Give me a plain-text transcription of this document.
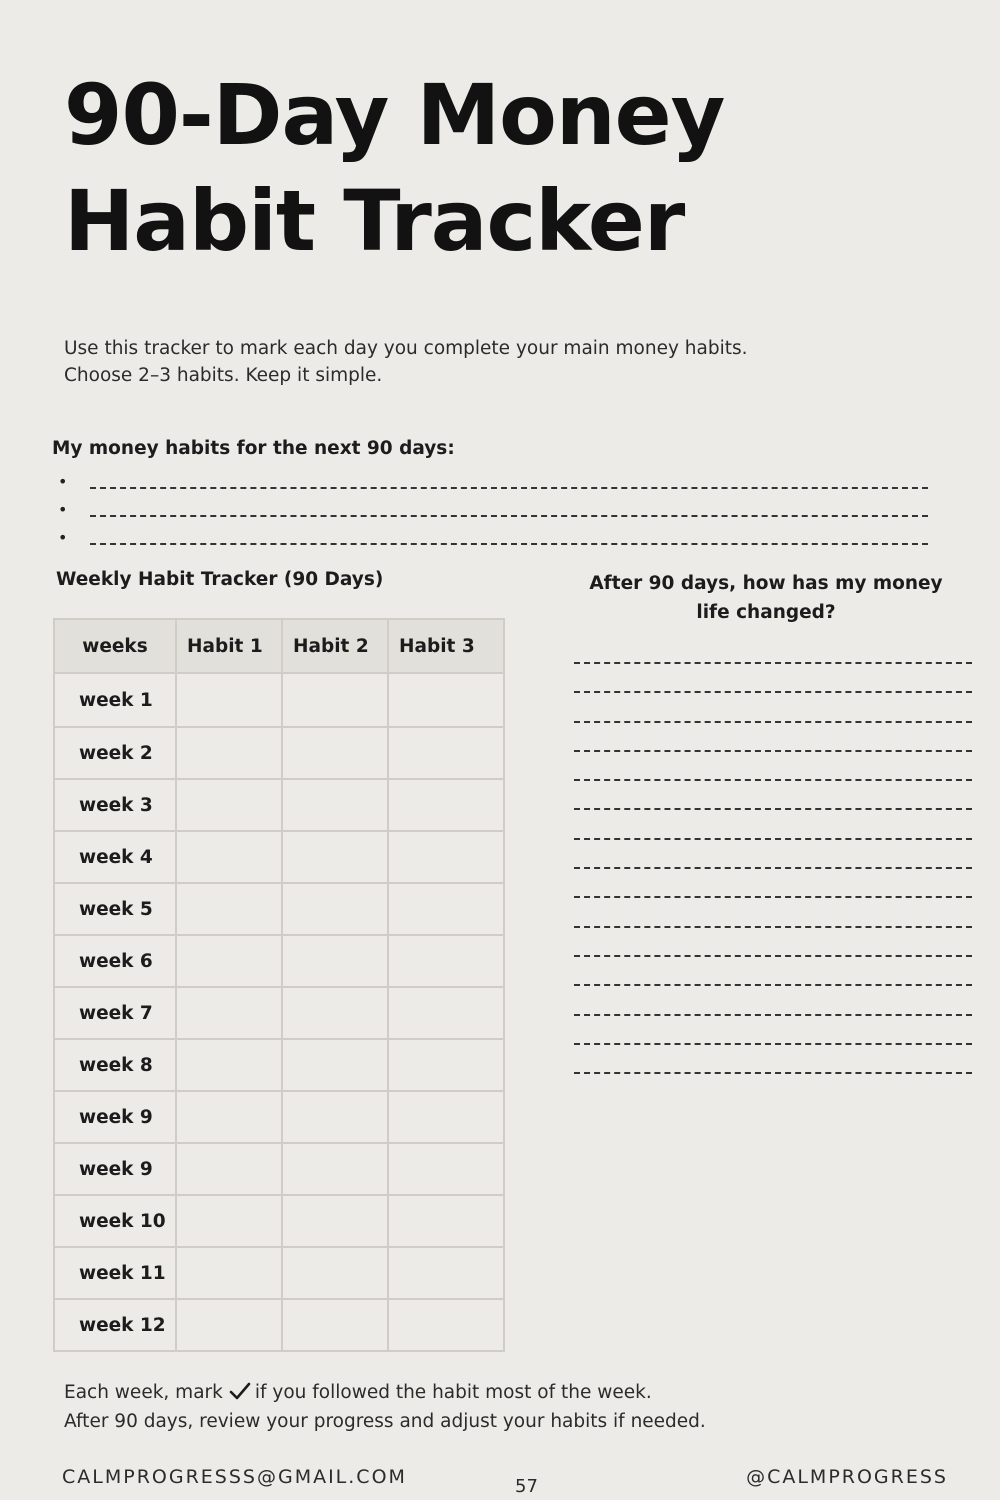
90-Day Money
Habit Tracker
Use this tracker to mark each day you complete your main money habits.
Choose 2–3 habits. Keep it simple.
My money habits for the next 90 days:
•
•
•
Weekly Habit Tracker (90 Days)
weeks	Habit 1	Habit 2	Habit 3
week 1			
week 2			
week 3			
week 4			
week 5			
week 6			
week 7			
week 8			
week 9			
week 9			
week 10			
week 11			
week 12			
After 90 days, how has my money
life changed?
Each week, mark if you followed the habit most of the week.
After 90 days, review your progress and adjust your habits if needed.
CALMPROGRESSS@GMAIL.COM	57	@CALMPROGRESS
